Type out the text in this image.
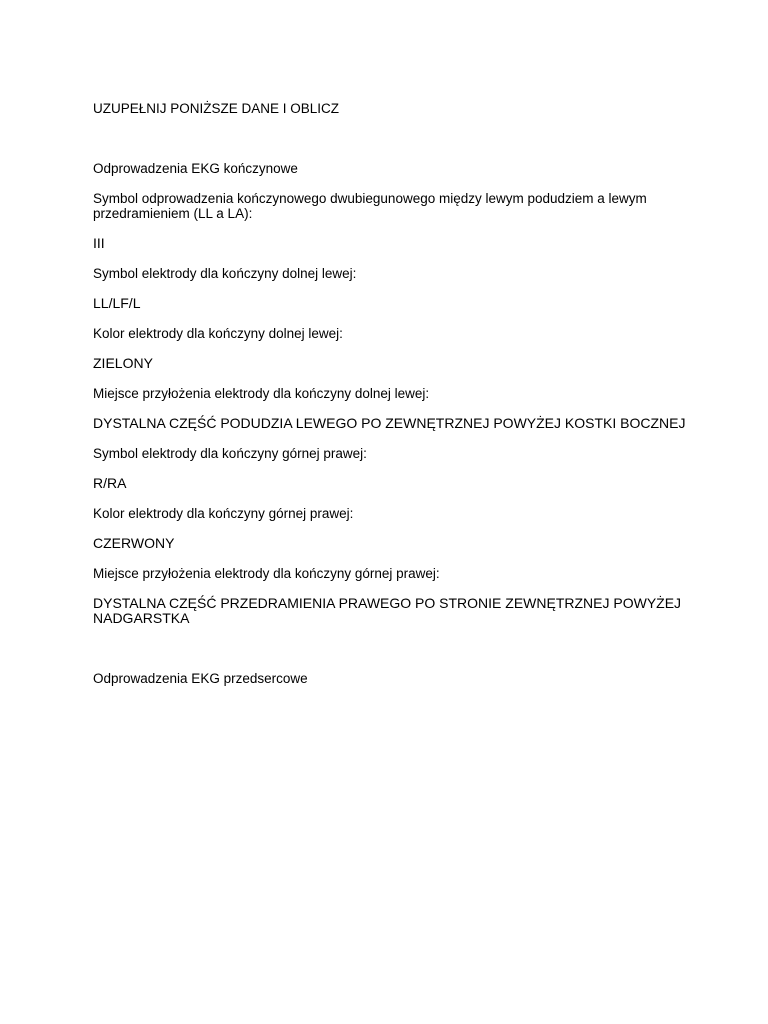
UZUPEŁNIJ PONIŻSZE DANE I OBLICZ

Odprowadzenia EKG kończynowe

Symbol odprowadzenia kończynowego dwubiegunowego między lewym podudziem a lewym przedramieniem (LL a LA):

III

Symbol elektrody dla kończyny dolnej lewej:

LL/LF/L

Kolor elektrody dla kończyny dolnej lewej:

ZIELONY

Miejsce przyłożenia elektrody dla kończyny dolnej lewej:

DYSTALNA CZĘŚĆ PODUDZIA LEWEGO PO ZEWNĘTRZNEJ POWYŻEJ KOSTKI BOCZNEJ

Symbol elektrody dla kończyny górnej prawej:

R/RA

Kolor elektrody dla kończyny górnej prawej:

CZERWONY

Miejsce przyłożenia elektrody dla kończyny górnej prawej:

DYSTALNA CZĘŚĆ PRZEDRAMIENIA PRAWEGO PO STRONIE ZEWNĘTRZNEJ POWYŻEJ NADGARSTKA

Odprowadzenia EKG przedsercowe
